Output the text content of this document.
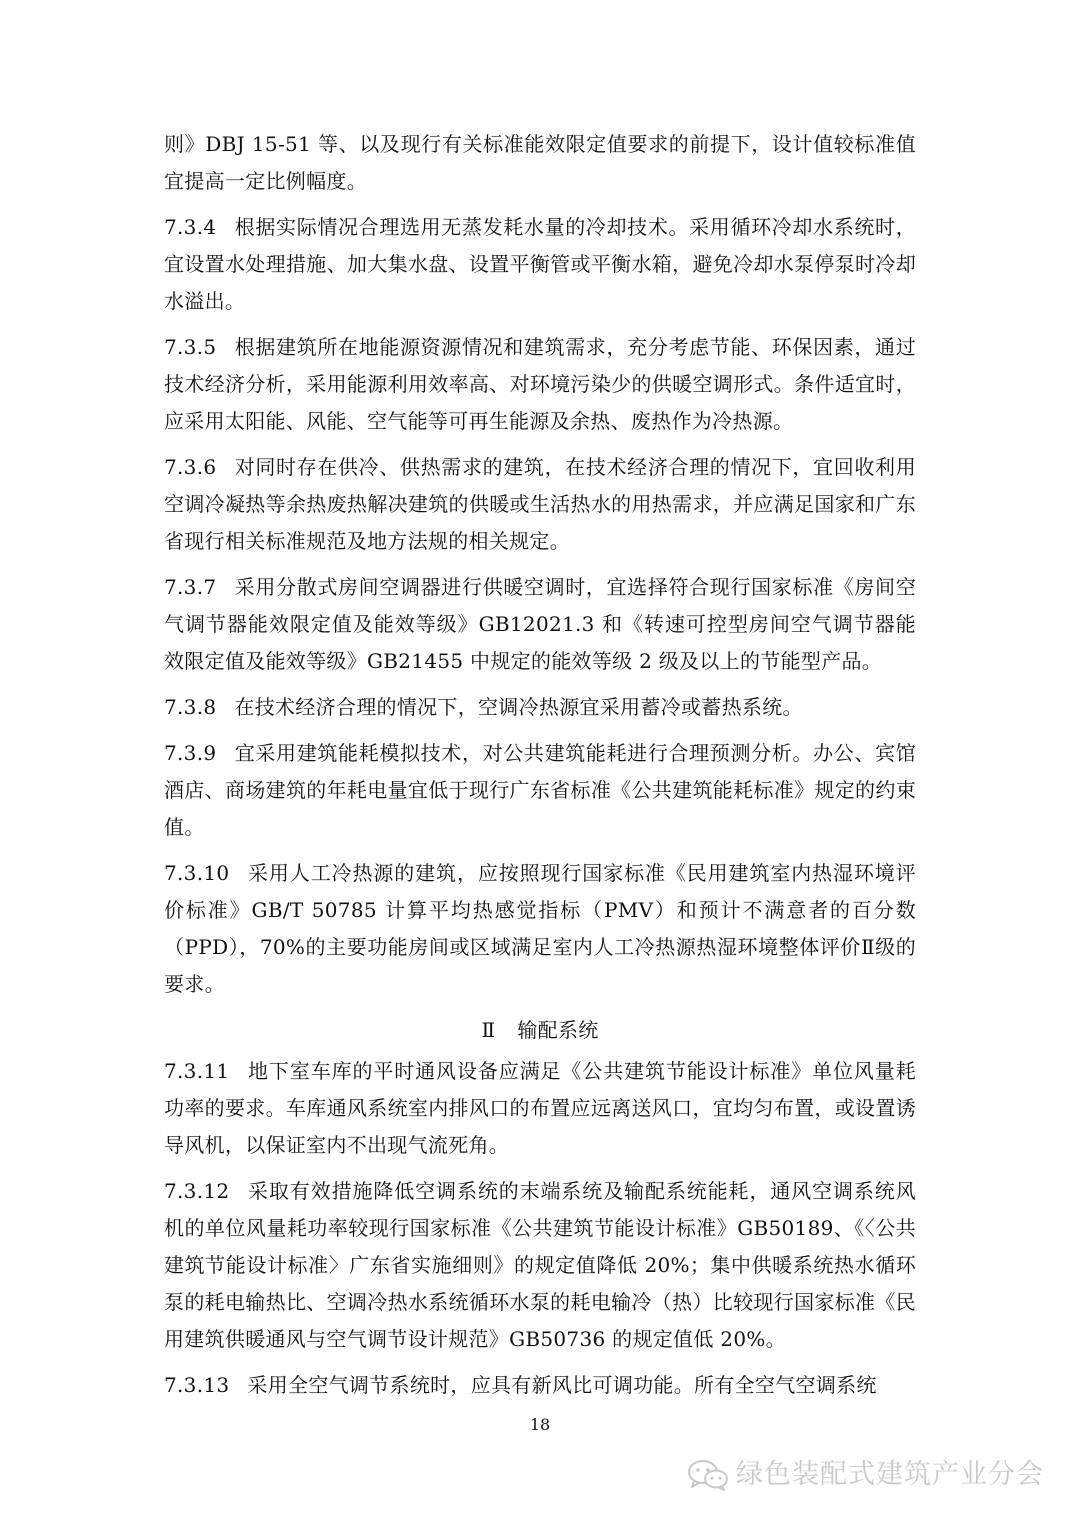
则》DBJ 15-51 等、以及现行有关标准能效限定值要求的前提下，设计值较标准值宜提高一定比例幅度。

7.3.4 根据实际情况合理选用无蒸发耗水量的冷却技术。采用循环冷却水系统时，宜设置水处理措施、加大集水盘、设置平衡管或平衡水箱，避免冷却水泵停泵时冷却水溢出。

7.3.5 根据建筑所在地能源资源情况和建筑需求，充分考虑节能、环保因素，通过技术经济分析，采用能源利用效率高、对环境污染少的供暖空调形式。条件适宜时，应采用太阳能、风能、空气能等可再生能源及余热、废热作为冷热源。

7.3.6 对同时存在供冷、供热需求的建筑，在技术经济合理的情况下，宜回收利用空调冷凝热等余热废热解决建筑的供暖或生活热水的用热需求，并应满足国家和广东省现行相关标准规范及地方法规的相关规定。

7.3.7 采用分散式房间空调器进行供暖空调时，宜选择符合现行国家标准《房间空气调节器能效限定值及能效等级》GB12021.3 和《转速可控型房间空气调节器能效限定值及能效等级》GB21455 中规定的能效等级 2 级及以上的节能型产品。

7.3.8 在技术经济合理的情况下，空调冷热源宜采用蓄冷或蓄热系统。

7.3.9 宜采用建筑能耗模拟技术，对公共建筑能耗进行合理预测分析。办公、宾馆酒店、商场建筑的年耗电量宜低于现行广东省标准《公共建筑能耗标准》规定的约束值。

7.3.10 采用人工冷热源的建筑，应按照现行国家标准《民用建筑室内热湿环境评价标准》GB/T 50785 计算平均热感觉指标（PMV）和预计不满意者的百分数（PPD），70%的主要功能房间或区域满足室内人工冷热源热湿环境整体评价Ⅱ级的要求。

Ⅱ 输配系统

7.3.11 地下室车库的平时通风设备应满足《公共建筑节能设计标准》单位风量耗功率的要求。车库通风系统室内排风口的布置应远离送风口，宜均匀布置，或设置诱导风机，以保证室内不出现气流死角。

7.3.12 采取有效措施降低空调系统的末端系统及输配系统能耗，通风空调系统风机的单位风量耗功率较现行国家标准《公共建筑节能设计标准》GB50189、《〈公共建筑节能设计标准〉广东省实施细则》的规定值降低 20%；集中供暖系统热水循环泵的耗电输热比、空调冷热水系统循环水泵的耗电输冷（热）比较现行国家标准《民用建筑供暖通风与空气调节设计规范》GB50736 的规定值低 20%。

7.3.13 采用全空气调节系统时，应具有新风比可调功能。所有全空气空调系统

18
绿色装配式建筑产业分会
